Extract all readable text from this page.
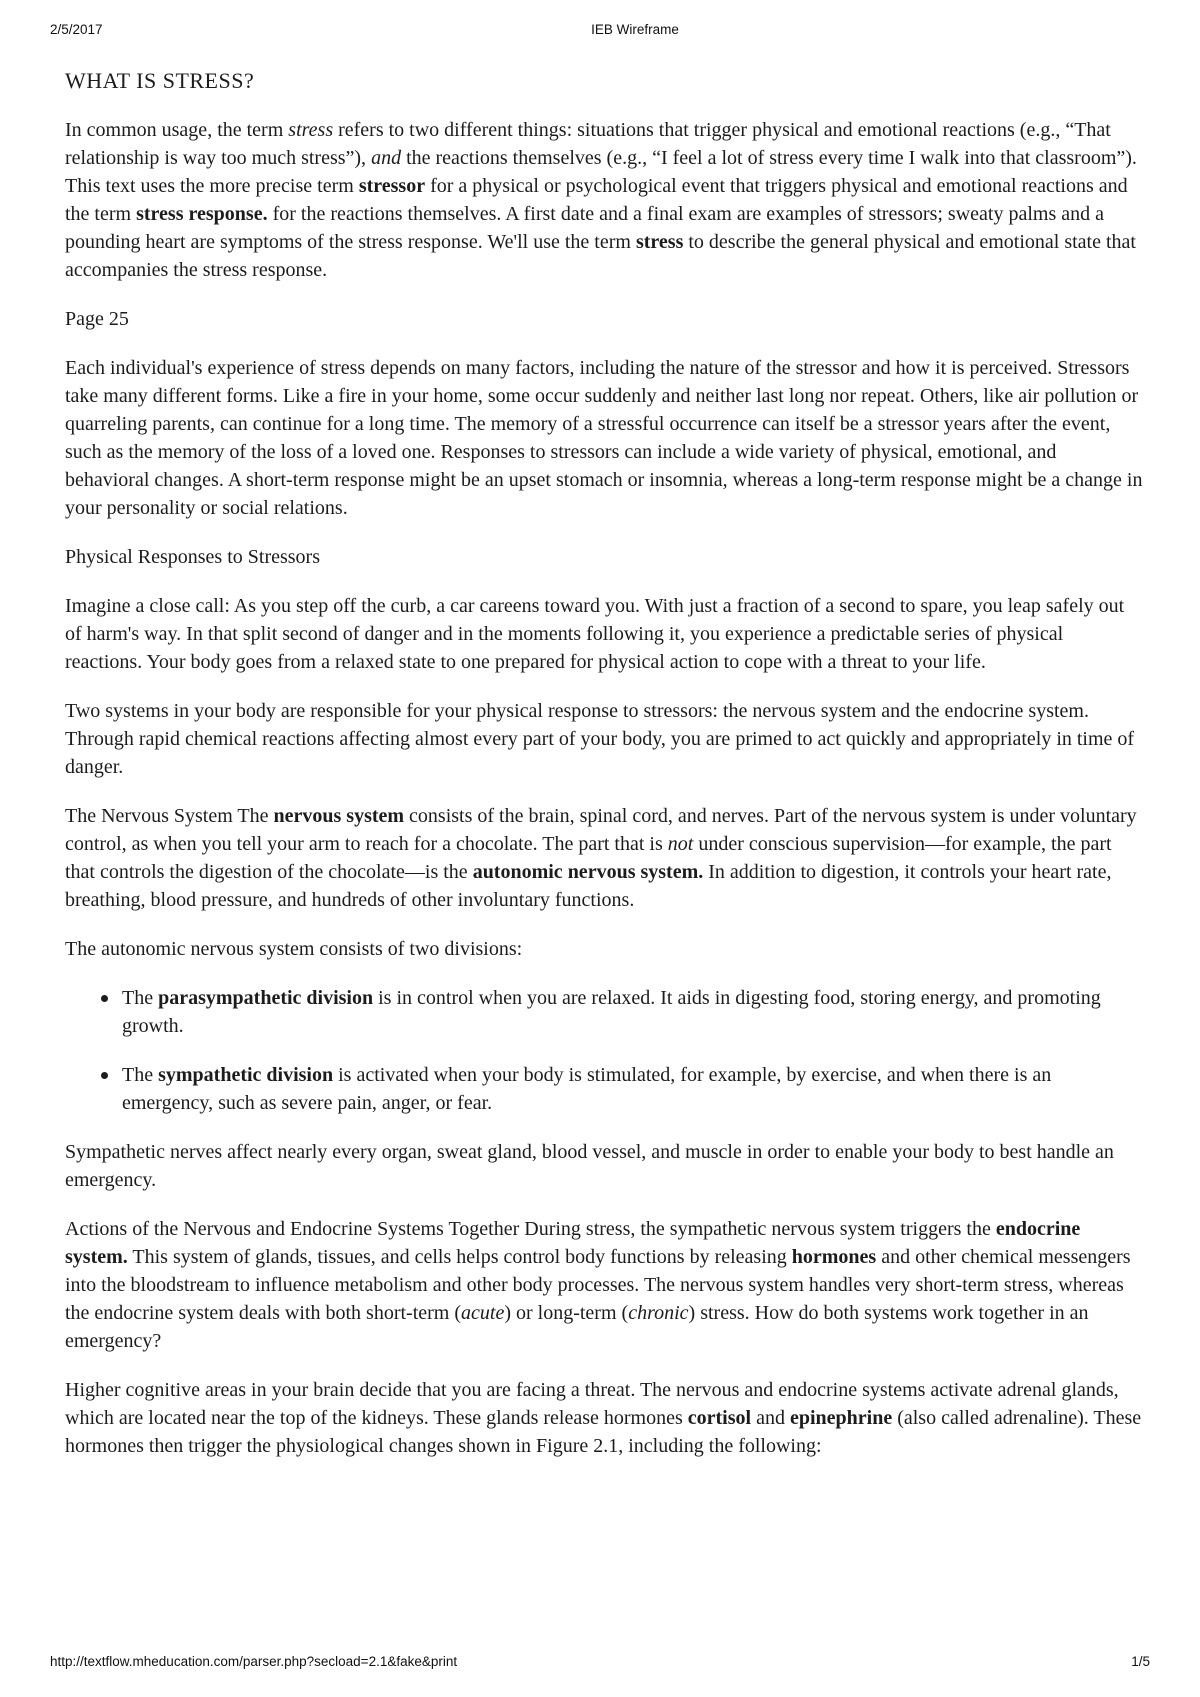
2/5/2017	IEB Wireframe
WHAT IS STRESS?

In common usage, the term stress refers to two different things: situations that trigger physical and emotional reactions (e.g., “That relationship is way too much stress”), and the reactions themselves (e.g., “I feel a lot of stress every time I walk into that classroom”). This text uses the more precise term stressor for a physical or psychological event that triggers physical and emotional reactions and the term stress response. for the reactions themselves. A first date and a final exam are examples of stressors; sweaty palms and a pounding heart are symptoms of the stress response. We'll use the term stress to describe the general physical and emotional state that accompanies the stress response.

Page 25

Each individual's experience of stress depends on many factors, including the nature of the stressor and how it is perceived. Stressors take many different forms. Like a fire in your home, some occur suddenly and neither last long nor repeat. Others, like air pollution or quarreling parents, can continue for a long time. The memory of a stressful occurrence can itself be a stressor years after the event, such as the memory of the loss of a loved one. Responses to stressors can include a wide variety of physical, emotional, and behavioral changes. A short-term response might be an upset stomach or insomnia, whereas a long-term response might be a change in your personality or social relations.

Physical Responses to Stressors

Imagine a close call: As you step off the curb, a car careens toward you. With just a fraction of a second to spare, you leap safely out of harm's way. In that split second of danger and in the moments following it, you experience a predictable series of physical reactions. Your body goes from a relaxed state to one prepared for physical action to cope with a threat to your life.

Two systems in your body are responsible for your physical response to stressors: the nervous system and the endocrine system. Through rapid chemical reactions affecting almost every part of your body, you are primed to act quickly and appropriately in time of danger.

The Nervous System The nervous system consists of the brain, spinal cord, and nerves. Part of the nervous system is under voluntary control, as when you tell your arm to reach for a chocolate. The part that is not under conscious supervision—for example, the part that controls the digestion of the chocolate—is the autonomic nervous system. In addition to digestion, it controls your heart rate, breathing, blood pressure, and hundreds of other involuntary functions.

The autonomic nervous system consists of two divisions:

The parasympathetic division is in control when you are relaxed. It aids in digesting food, storing energy, and promoting growth.
The sympathetic division is activated when your body is stimulated, for example, by exercise, and when there is an emergency, such as severe pain, anger, or fear.

Sympathetic nerves affect nearly every organ, sweat gland, blood vessel, and muscle in order to enable your body to best handle an emergency.

Actions of the Nervous and Endocrine Systems Together During stress, the sympathetic nervous system triggers the endocrine system. This system of glands, tissues, and cells helps control body functions by releasing hormones and other chemical messengers into the bloodstream to influence metabolism and other body processes. The nervous system handles very short-term stress, whereas the endocrine system deals with both short-term (acute) or long-term (chronic) stress. How do both systems work together in an emergency?

Higher cognitive areas in your brain decide that you are facing a threat. The nervous and endocrine systems activate adrenal glands, which are located near the top of the kidneys. These glands release hormones cortisol and epinephrine (also called adrenaline). These hormones then trigger the physiological changes shown in Figure 2.1, including the following:

http://textflow.mheducation.com/parser.php?secload=2.1&fake&print	1/5
